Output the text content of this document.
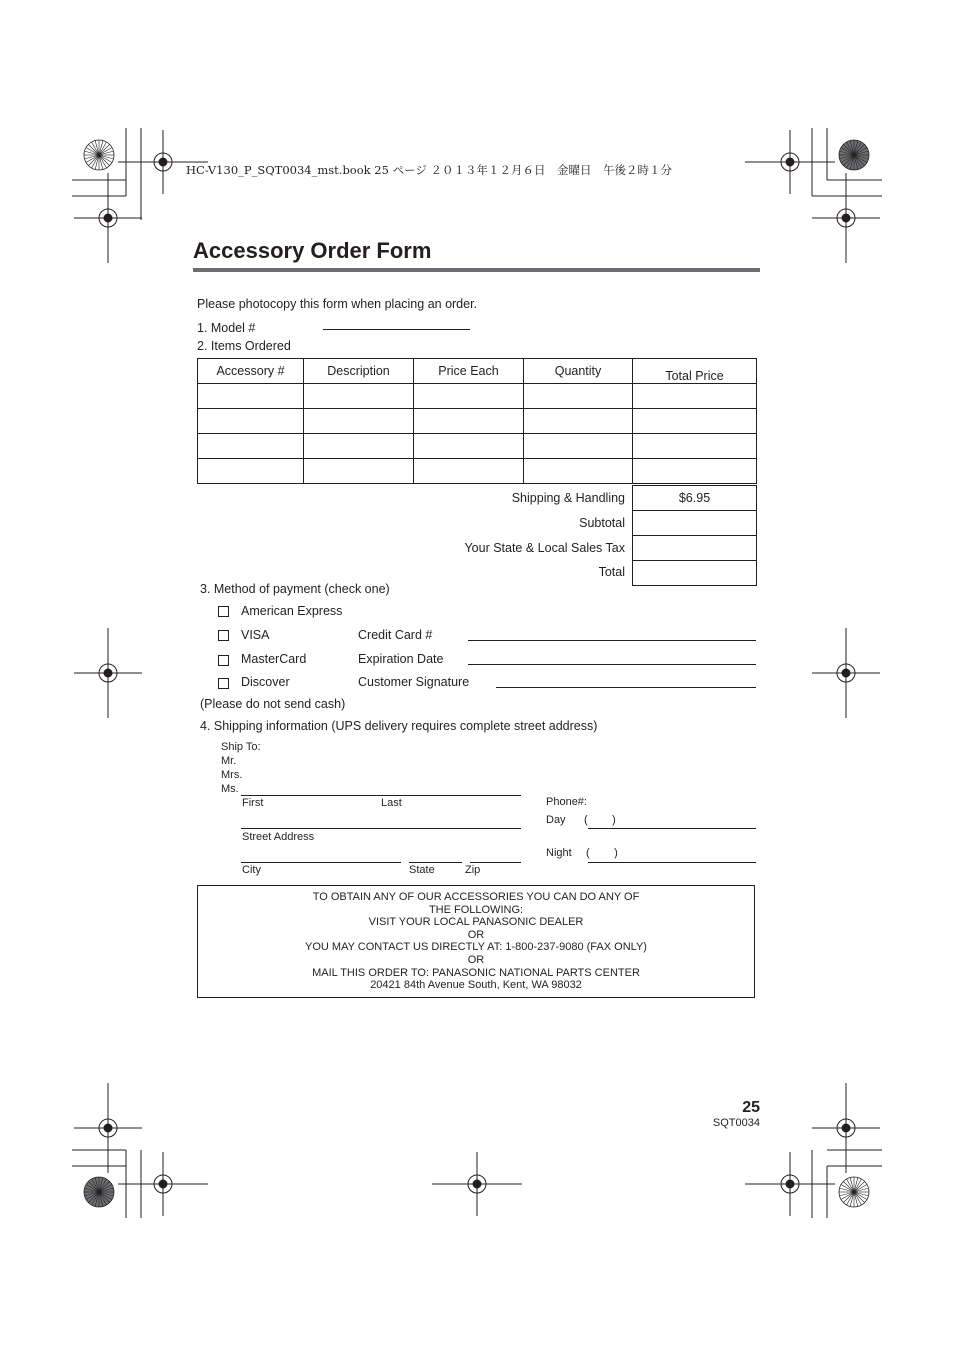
HC-V130_P_SQT0034_mst.book 25 ページ ２０１３年１２月６日　金曜日　午後２時１分
Accessory Order Form
Please photocopy this form when placing an order.
1. Model #
2. Items Ordered
Accessory #	Description	Price Each	Quantity	Total Price

Shipping & Handling	$6.95
Subtotal
Your State & Local Sales Tax
Total
3. Method of payment (check one)
American Express
VISA	Credit Card #
MasterCard	Expiration Date
Discover	Customer Signature
(Please do not send cash)
4. Shipping information (UPS delivery requires complete street address)
Ship To:
Mr.
Mrs.
Ms.
First	Last
Street Address
City	State	Zip
Phone#:
Day (        )
Night (        )
TO OBTAIN ANY OF OUR ACCESSORIES YOU CAN DO ANY OF
THE FOLLOWING:
VISIT YOUR LOCAL PANASONIC DEALER
OR
YOU MAY CONTACT US DIRECTLY AT: 1-800-237-9080 (FAX ONLY)
OR
MAIL THIS ORDER TO: PANASONIC NATIONAL PARTS CENTER
20421 84th Avenue South, Kent, WA 98032
25
SQT0034
